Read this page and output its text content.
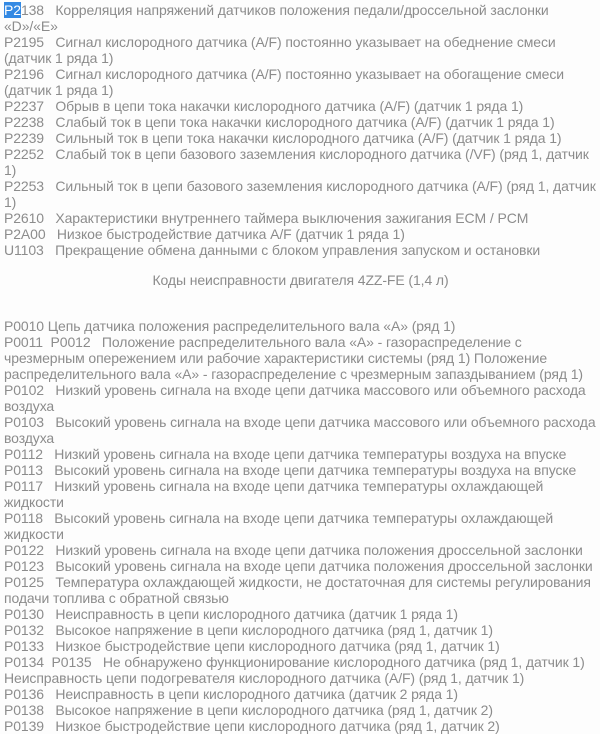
P2138   Корреляция напряжений датчиков положения педали/дроссельной заслонки «D»/«E»

P2195   Сигнал кислородного датчика (A/F) постоянно указывает на обеднение смеси (датчик 1 ряда 1)

P2196   Сигнал кислородного датчика (A/F) постоянно указывает на обогащение смеси (датчик 1 ряда 1)

P2237   Обрыв в цепи тока накачки кислородного датчика (A/F) (датчик 1 ряда 1)

P2238   Слабый ток в цепи тока накачки кислородного датчика (A/F) (датчик 1 ряда 1)

P2239   Сильный ток в цепи тока накачки кислородного датчика (A/F) (датчик 1 ряда 1)

P2252   Слабый ток в цепи базового заземления кислородного датчика (/VF) (ряд 1, датчик 1)

P2253   Сильный ток в цепи базового заземления кислородного датчика (A/F) (ряд 1, датчик 1)

P2610   Характеристики внутреннего таймера выключения зажигания ECM / PCM

P2A00   Низкое быстродействие датчика A/F (датчик 1 ряда 1)

U1103   Прекращение обмена данными с блоком управления запуском и остановки

Коды неисправности двигателя 4ZZ-FE (1,4 л)

P0010 Цепь датчика положения распределительного вала «А» (ряд 1)

P0011  P0012   Положение распределительного вала «А» - газораспределение с чрезмерным опережением или рабочие характеристики системы (ряд 1) Положение распределительного вала «А» - газораспределение с чрезмерным запаздыванием (ряд 1)

P0102   Низкий уровень сигнала на входе цепи датчика массового или объемного расхода воздуха

P0103   Высокий уровень сигнала на входе цепи датчика массового или объемного расхода воздуха

P0112   Низкий уровень сигнала на входе цепи датчика температуры воздуха на впуске

P0113   Высокий уровень сигнала на входе цепи датчика температуры воздуха на впуске

P0117   Низкий уровень сигнала на входе цепи датчика температуры охлаждающей жидкости

P0118   Высокий уровень сигнала на входе цепи датчика температуры охлаждающей жидкости

P0122   Низкий уровень сигнала на входе цепи датчика положения дроссельной заслонки

P0123   Высокий уровень сигнала на входе цепи датчика положения дроссельной заслонки

P0125   Температура охлаждающей жидкости, не достаточная для системы регулирования подачи топлива с обратной связью

P0130   Неисправность в цепи кислородного датчика (датчик 1 ряда 1)

P0132   Высокое напряжение в цепи кислородного датчика (ряд 1, датчик 1)

P0133   Низкое быстродействие цепи кислородного датчика (ряд 1, датчик 1)

P0134  P0135   Не обнаружено функционирование кислородного датчика (ряд 1, датчик 1) Неисправность цепи подогревателя кислородного датчика (A/F) (ряд 1, датчик 1)

P0136   Неисправность в цепи кислородного датчика (датчик 2 ряда 1)

P0138   Высокое напряжение в цепи кислородного датчика (ряд 1, датчик 2)

P0139   Низкое быстродействие цепи кислородного датчика (ряд 1, датчик 2)
